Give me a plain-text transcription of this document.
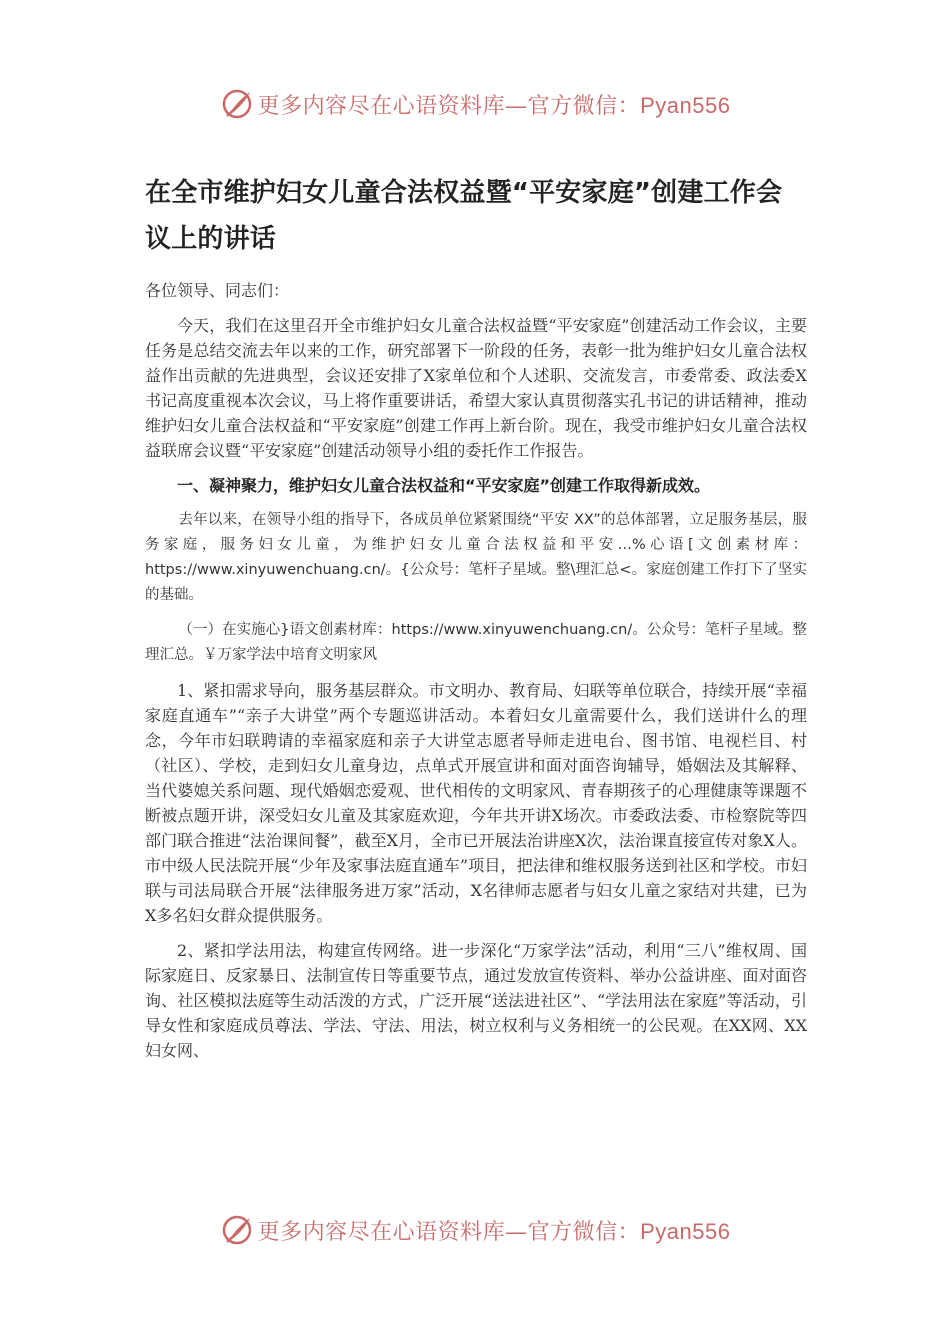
更多内容尽在心语资料库—官方微信：Pyan556
在全市维护妇女儿童合法权益暨“平安家庭”创建工作会议上的讲话

各位领导、同志们：

今天，我们在这里召开全市维护妇女儿童合法权益暨“平安家庭”创建活动工作会议，主要任务是总结交流去年以来的工作，研究部署下一阶段的任务，表彰一批为维护妇女儿童合法权益作出贡献的先进典型，会议还安排了X家单位和个人述职、交流发言，市委常委、政法委X书记高度重视本次会议，马上将作重要讲话，希望大家认真贯彻落实孔书记的讲话精神，推动维护妇女儿童合法权益和“平安家庭”创建工作再上新台阶。现在，我受市维护妇女儿童合法权益联席会议暨“平安家庭”创建活动领导小组的委托作工作报告。

一、凝神聚力，维护妇女儿童合法权益和“平安家庭”创建工作取得新成效。

去年以来，在领导小组的指导下，各成员单位紧紧围绕“平安 XX”的总体部署，立足服务基层，服务家庭，服务妇女儿童，为维护妇女儿童合法权益和平安…%心语[文创素材库：https://www.xinyuwenchuang.cn/。{公众号：笔杆子星域。整\理汇总<。家庭创建工作打下了坚实的基础。

（一）在实施心}语文创素材库：https://www.xinyuwenchuang.cn/。公众号：笔杆子星域。整理汇总。￥万家学法中培育文明家风

1、紧扣需求导向，服务基层群众。市文明办、教育局、妇联等单位联合，持续开展“幸福家庭直通车”“亲子大讲堂”两个专题巡讲活动。本着妇女儿童需要什么，我们送讲什么的理念，今年市妇联聘请的幸福家庭和亲子大讲堂志愿者导师走进电台、图书馆、电视栏目、村（社区）、学校，走到妇女儿童身边，点单式开展宣讲和面对面咨询辅导，婚姻法及其解释、当代婆媳关系问题、现代婚姻恋爱观、世代相传的文明家风、青春期孩子的心理健康等课题不断被点题开讲，深受妇女儿童及其家庭欢迎，今年共开讲X场次。市委政法委、市检察院等四部门联合推进“法治课间餐”，截至X月，全市已开展法治讲座X次，法治课直接宣传对象X人。市中级人民法院开展“少年及家事法庭直通车”项目，把法律和维权服务送到社区和学校。市妇联与司法局联合开展“法律服务进万家”活动，X名律师志愿者与妇女儿童之家结对共建，已为X多名妇女群众提供服务。

2、紧扣学法用法，构建宣传网络。进一步深化“万家学法”活动，利用“三八”维权周、国际家庭日、反家暴日、法制宣传日等重要节点，通过发放宣传资料、举办公益讲座、面对面咨询、社区模拟法庭等生动活泼的方式，广泛开展“送法进社区”、“学法用法在家庭”等活动，引导女性和家庭成员尊法、学法、守法、用法，树立权利与义务相统一的公民观。在XX网、XX妇女网、

更多内容尽在心语资料库—官方微信：Pyan556
